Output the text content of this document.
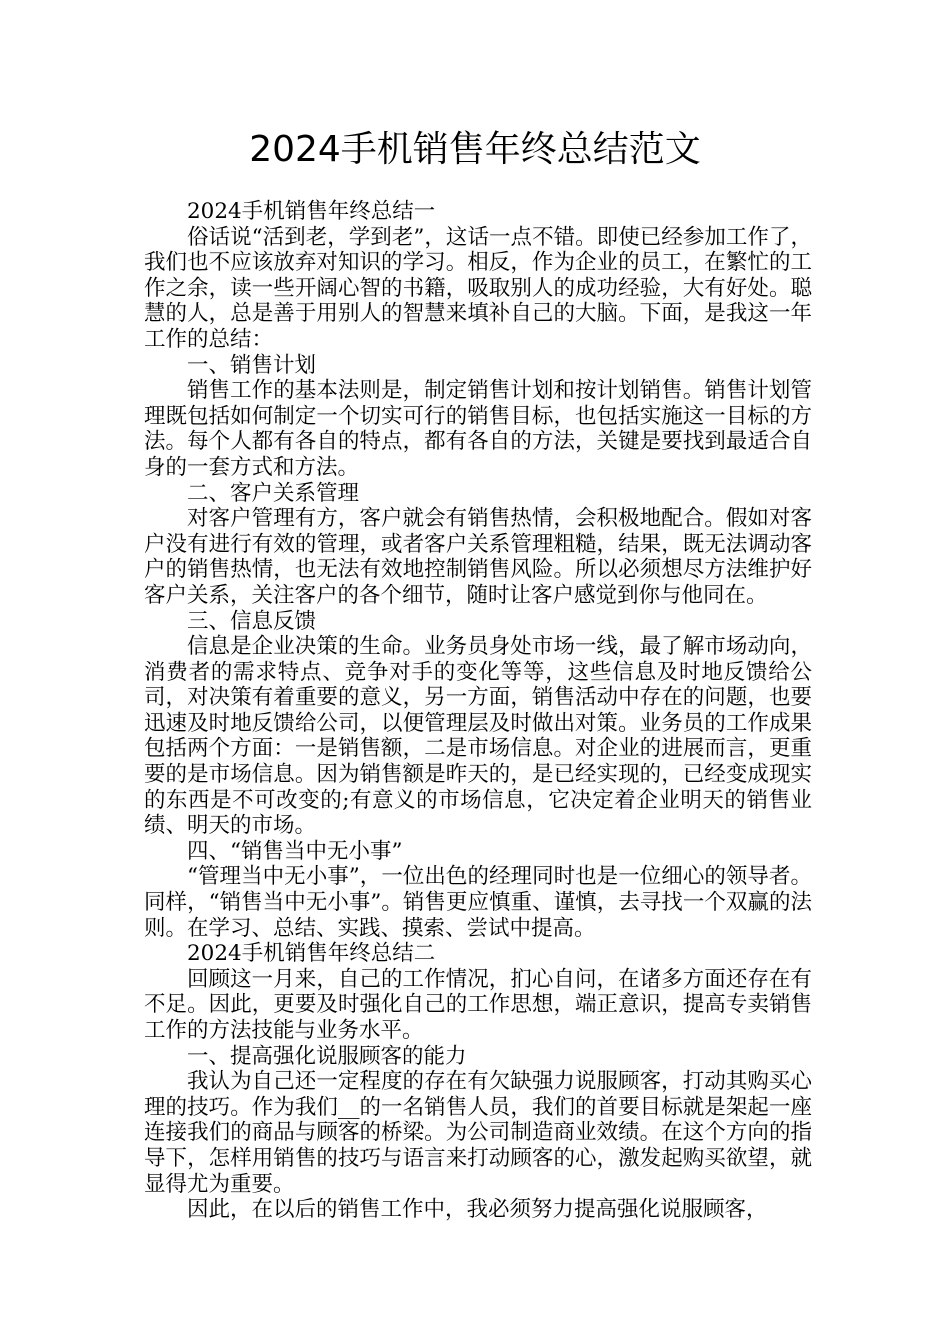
2024手机销售年终总结范文

2024手机销售年终总结一

俗话说“活到老，学到老”，这话一点不错。即使已经参加工作了，我们也不应该放弃对知识的学习。相反，作为企业的员工，在繁忙的工作之余，读一些开阔心智的书籍，吸取别人的成功经验，大有好处。聪慧的人，总是善于用别人的智慧来填补自己的大脑。下面，是我这一年工作的总结：

一、销售计划

销售工作的基本法则是，制定销售计划和按计划销售。销售计划管理既包括如何制定一个切实可行的销售目标，也包括实施这一目标的方法。每个人都有各自的特点，都有各自的方法，关键是要找到最适合自身的一套方式和方法。

二、客户关系管理

对客户管理有方，客户就会有销售热情，会积极地配合。假如对客户没有进行有效的管理，或者客户关系管理粗糙，结果，既无法调动客户的销售热情，也无法有效地控制销售风险。所以必须想尽方法维护好客户关系，关注客户的各个细节，随时让客户感觉到你与他同在。

三、信息反馈

信息是企业决策的生命。业务员身处市场一线，最了解市场动向，消费者的需求特点、竞争对手的变化等等，这些信息及时地反馈给公司，对决策有着重要的意义，另一方面，销售活动中存在的问题，也要迅速及时地反馈给公司，以便管理层及时做出对策。业务员的工作成果包括两个方面：一是销售额，二是市场信息。对企业的进展而言，更重要的是市场信息。因为销售额是昨天的，是已经实现的，已经变成现实的东西是不可改变的;有意义的市场信息，它决定着企业明天的销售业绩、明天的市场。

四、“销售当中无小事”

“管理当中无小事”，一位出色的经理同时也是一位细心的领导者。同样，“销售当中无小事”。销售更应慎重、谨慎，去寻找一个双赢的法则。在学习、总结、实践、摸索、尝试中提高。

2024手机销售年终总结二

回顾这一月来，自己的工作情况，扪心自问，在诸多方面还存在有不足。因此，更要及时强化自己的工作思想，端正意识，提高专卖销售工作的方法技能与业务水平。

一、提高强化说服顾客的能力

我认为自己还一定程度的存在有欠缺强力说服顾客，打动其购买心理的技巧。作为我们__的一名销售人员，我们的首要目标就是架起一座连接我们的商品与顾客的桥梁。为公司制造商业效绩。在这个方向的指导下，怎样用销售的技巧与语言来打动顾客的心，激发起购买欲望，就显得尤为重要。

因此，在以后的销售工作中，我必须努力提高强化说服顾客，
